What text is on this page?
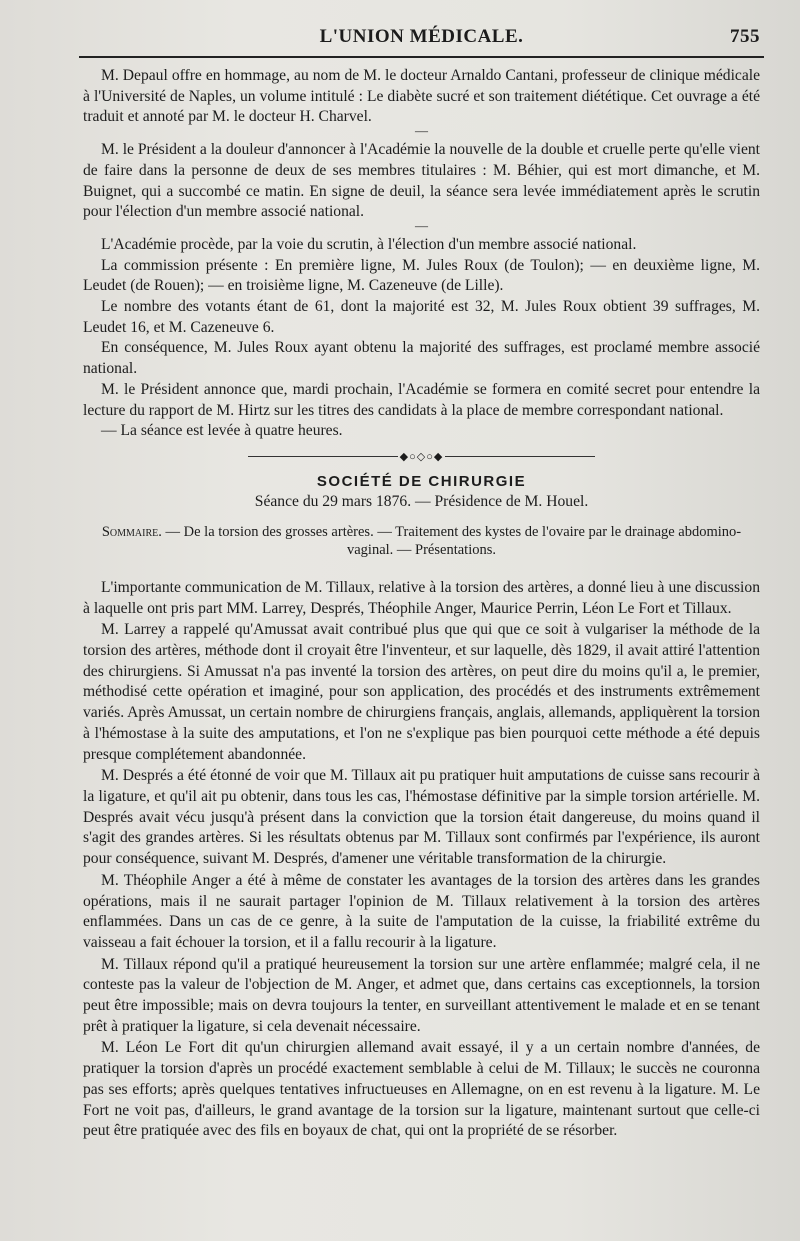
L'UNION MÉDICALE.	755

M. Depaul offre en hommage, au nom de M. le docteur Arnaldo Cantani, professeur de clinique médicale à l'Université de Naples, un volume intitulé : Le diabète sucré et son traitement diététique. Cet ouvrage a été traduit et annoté par M. le docteur H. Charvel.

—

M. le Président a la douleur d'annoncer à l'Académie la nouvelle de la double et cruelle perte qu'elle vient de faire dans la personne de deux de ses membres titulaires : M. Béhier, qui est mort dimanche, et M. Buignet, qui a succombé ce matin. En signe de deuil, la séance sera levée immédiatement après le scrutin pour l'élection d'un membre associé national.

—

L'Académie procède, par la voie du scrutin, à l'élection d'un membre associé national.

La commission présente : En première ligne, M. Jules Roux (de Toulon); — en deuxième ligne, M. Leudet (de Rouen); — en troisième ligne, M. Cazeneuve (de Lille).

Le nombre des votants étant de 61, dont la majorité est 32, M. Jules Roux obtient 39 suffrages, M. Leudet 16, et M. Cazeneuve 6.

En conséquence, M. Jules Roux ayant obtenu la majorité des suffrages, est proclamé membre associé national.

M. le Président annonce que, mardi prochain, l'Académie se formera en comité secret pour entendre la lecture du rapport de M. Hirtz sur les titres des candidats à la place de membre correspondant national.

— La séance est levée à quatre heures.

◆○◇○◆
SOCIÉTÉ DE CHIRURGIE
Séance du 29 mars 1876. — Présidence de M. Houel.

Sommaire. — De la torsion des grosses artères. — Traitement des kystes de l'ovaire par le drainage abdomino-vaginal. — Présentations.

L'importante communication de M. Tillaux, relative à la torsion des artères, a donné lieu à une discussion à laquelle ont pris part MM. Larrey, Després, Théophile Anger, Maurice Perrin, Léon Le Fort et Tillaux.

M. Larrey a rappelé qu'Amussat avait contribué plus que qui que ce soit à vulgariser la méthode de la torsion des artères, méthode dont il croyait être l'inventeur, et sur laquelle, dès 1829, il avait attiré l'attention des chirurgiens. Si Amussat n'a pas inventé la torsion des artères, on peut dire du moins qu'il a, le premier, méthodisé cette opération et imaginé, pour son application, des procédés et des instruments extrêmement variés. Après Amussat, un certain nombre de chirurgiens français, anglais, allemands, appliquèrent la torsion à l'hémostase à la suite des amputations, et l'on ne s'explique pas bien pourquoi cette méthode a été depuis presque complétement abandonnée.

M. Després a été étonné de voir que M. Tillaux ait pu pratiquer huit amputations de cuisse sans recourir à la ligature, et qu'il ait pu obtenir, dans tous les cas, l'hémostase définitive par la simple torsion artérielle. M. Després avait vécu jusqu'à présent dans la conviction que la torsion était dangereuse, du moins quand il s'agit des grandes artères. Si les résultats obtenus par M. Tillaux sont confirmés par l'expérience, ils auront pour conséquence, suivant M. Després, d'amener une véritable transformation de la chirurgie.

M. Théophile Anger a été à même de constater les avantages de la torsion des artères dans les grandes opérations, mais il ne saurait partager l'opinion de M. Tillaux relativement à la torsion des artères enflammées. Dans un cas de ce genre, à la suite de l'amputation de la cuisse, la friabilité extrême du vaisseau a fait échouer la torsion, et il a fallu recourir à la ligature.

M. Tillaux répond qu'il a pratiqué heureusement la torsion sur une artère enflammée; malgré cela, il ne conteste pas la valeur de l'objection de M. Anger, et admet que, dans certains cas exceptionnels, la torsion peut être impossible; mais on devra toujours la tenter, en surveillant attentivement le malade et en se tenant prêt à pratiquer la ligature, si cela devenait nécessaire.

M. Léon Le Fort dit qu'un chirurgien allemand avait essayé, il y a un certain nombre d'années, de pratiquer la torsion d'après un procédé exactement semblable à celui de M. Tillaux; le succès ne couronna pas ses efforts; après quelques tentatives infructueuses en Allemagne, on en est revenu à la ligature. M. Le Fort ne voit pas, d'ailleurs, le grand avantage de la torsion sur la ligature, maintenant surtout que celle-ci peut être pratiquée avec des fils en boyaux de chat, qui ont la propriété de se résorber.
